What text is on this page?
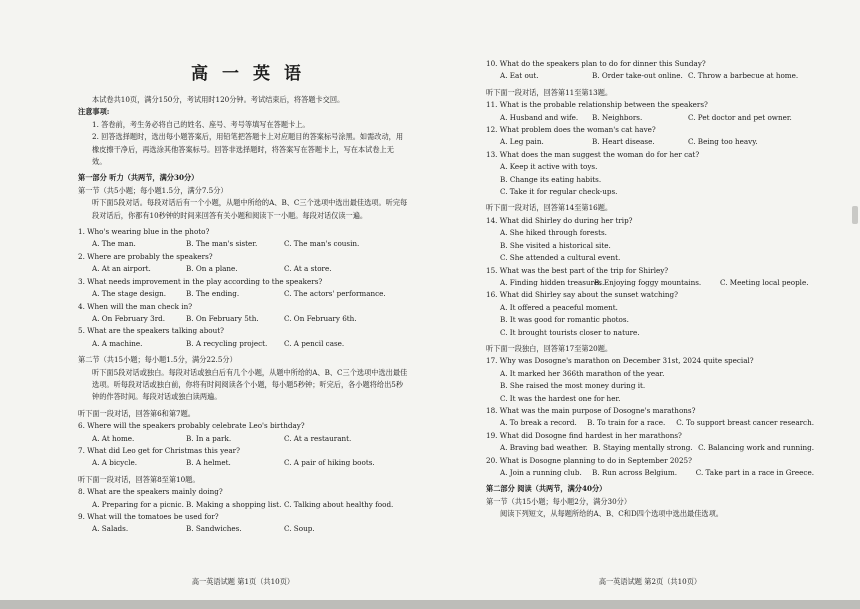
高一英语
本试卷共10页，满分150分，考试用时120分钟。考试结束后，将答题卡交回。
注意事项:
1. 答卷前，考生务必将自己的姓名、座号、考号等填写在答题卡上。
2. 回答选择题时，选出每小题答案后，用铅笔把答题卡上对应题目的答案标号涂黑。如需改动，用橡皮擦干净后，再选涂其他答案标号。回答非选择题时，将答案写在答题卡上，写在本试卷上无效。
第一部分 听力（共两节，满分30分）
第一节（共5小题；每小题1.5分，满分7.5分）
听下面5段对话。每段对话后有一个小题，从题中所给的A、B、C三个选项中选出最佳选项。听完每段对话后，你都有10秒钟的时间来回答有关小题和阅读下一小题。每段对话仅读一遍。
1. Who's wearing blue in the photo?
A. The man.	B. The man's sister.	C. The man's cousin.
2. Where are probably the speakers?
A. At an airport.	B. On a plane.	C. At a store.
3. What needs improvement in the play according to the speakers?
A. The stage design.	B. The ending.	C. The actors' performance.
4. When will the man check in?
A. On February 3rd.	B. On February 5th.	C. On February 6th.
5. What are the speakers talking about?
A. A machine.	B. A recycling project.	C. A pencil case.
第二节（共15小题；每小题1.5分，满分22.5分）
听下面5段对话或独白。每段对话或独白后有几个小题，从题中所给的A、B、C三个选项中选出最佳选项。听每段对话或独白前，你将有时间阅读各个小题，每小题5秒钟；听完后，各小题将给出5秒钟的作答时间。每段对话或独白读两遍。
听下面一段对话，回答第6和第7题。
6. Where will the speakers probably celebrate Leo's birthday?
A. At home.	B. In a park.	C. At a restaurant.
7. What did Leo get for Christmas this year?
A. A bicycle.	B. A helmet.	C. A pair of hiking boots.
听下面一段对话，回答第8至第10题。
8. What are the speakers mainly doing?
A. Preparing for a picnic. B. Making a shopping list. C. Talking about healthy food.
9. What will the tomatoes be used for?
A. Salads.	B. Sandwiches.	C. Soup.
高一英语试题 第1页（共10页）
10. What do the speakers plan to do for dinner this Sunday?
A. Eat out.	B. Order take-out online. C. Throw a barbecue at home.
听下面一段对话，回答第11至第13题。
11. What is the probable relationship between the speakers?
A. Husband and wife.	B. Neighbors.	C. Pet doctor and pet owner.
12. What problem does the woman's cat have?
A. Leg pain.	B. Heart disease.	C. Being too heavy.
13. What does the man suggest the woman do for her cat?
A. Keep it active with toys.
B. Change its eating habits.
C. Take it for regular check-ups.
听下面一段对话，回答第14至第16题。
14. What did Shirley do during her trip?
A. She hiked through forests.
B. She visited a historical site.
C. She attended a cultural event.
15. What was the best part of the trip for Shirley?
A. Finding hidden treasures.
B. Enjoying foggy mountains.	C. Meeting local people.
16. What did Shirley say about the sunset watching?
A. It offered a peaceful moment.
B. It was good for romantic photos.
C. It brought tourists closer to nature.
听下面一段独白，回答第17至第20题。
17. Why was Dosogne's marathon on December 31st, 2024 quite special?
A. It marked her 366th marathon of the year.
B. She raised the most money during it.
C. It was the hardest one for her.
18. What was the main purpose of Dosogne's marathons?
A. To break a record.	B. To train for a race.	C. To support breast cancer research.
19. What did Dosogne find hardest in her marathons?
A. Braving bad weather. B. Staying mentally strong. C. Balancing work and running.
20. What is Dosogne planning to do in September 2025?
A. Join a running club.	B. Run across Belgium.	C. Take part in a race in Greece.
第二部分 阅读（共两节，满分40分）
第一节（共15小题；每小题2分，满分30分）
阅读下列短文，从每题所给的A、B、C和D四个选项中选出最佳选项。
高一英语试题 第2页（共10页）
